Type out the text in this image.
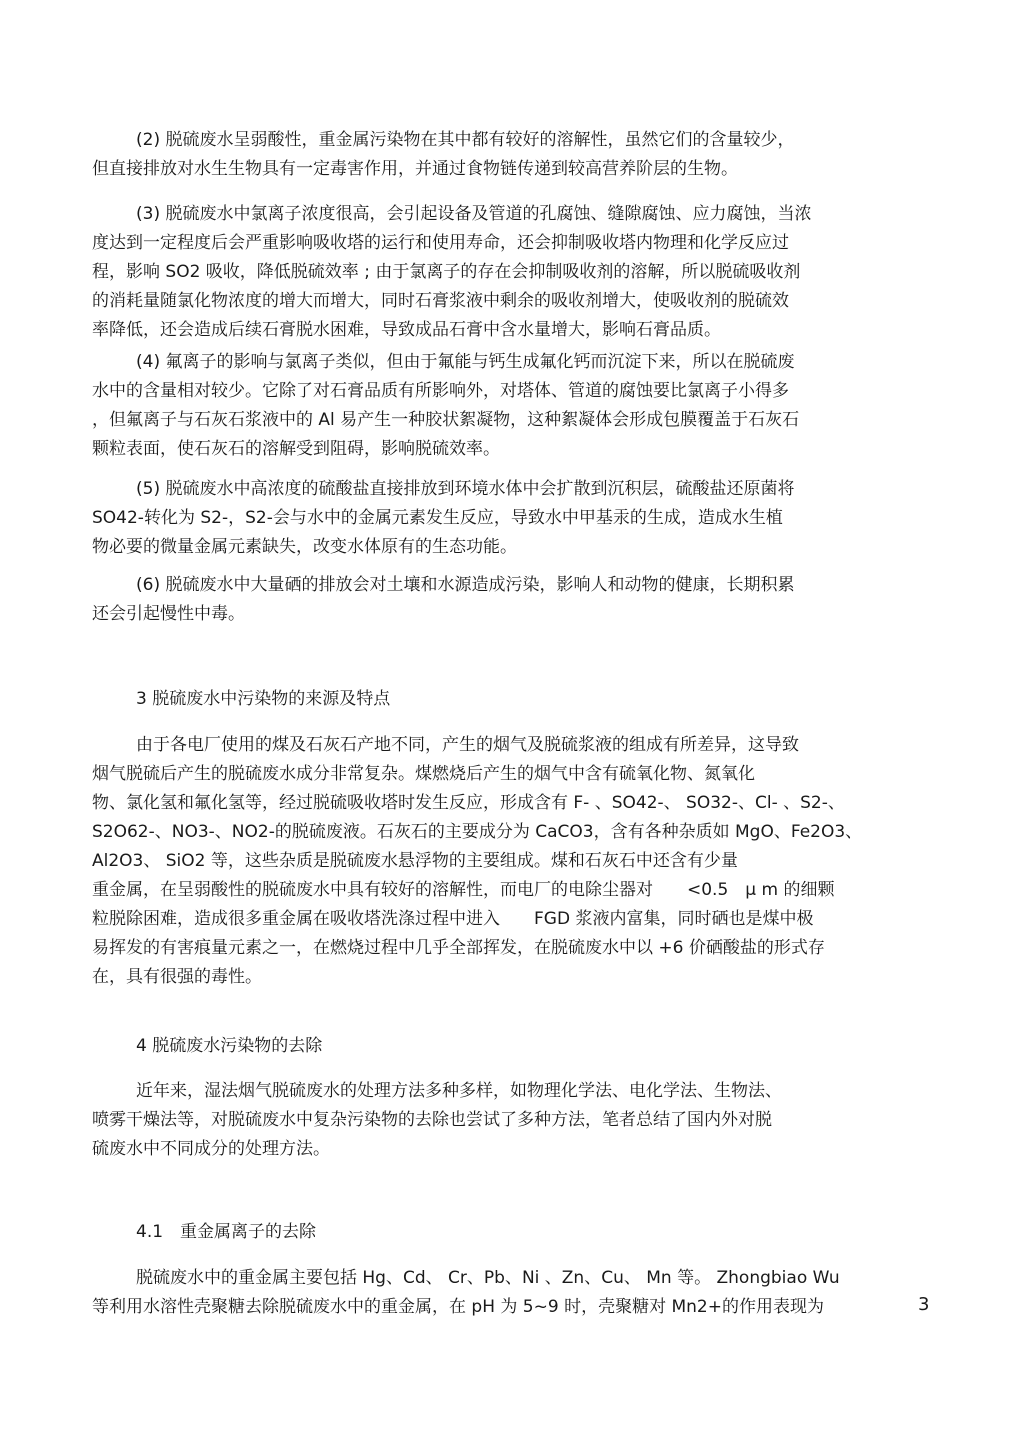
(2) 脱硫废水呈弱酸性，重金属污染物在其中都有较好的溶解性，虽然它们的含量较少，
但直接排放对水生生物具有一定毒害作用，并通过食物链传递到较高营养阶层的生物。
(3) 脱硫废水中氯离子浓度很高，会引起设备及管道的孔腐蚀、缝隙腐蚀、应力腐蚀，当浓
度达到一定程度后会严重影响吸收塔的运行和使用寿命，还会抑制吸收塔内物理和化学反应过
程，影响 SO2 吸收，降低脱硫效率 ; 由于氯离子的存在会抑制吸收剂的溶解，所以脱硫吸收剂
的消耗量随氯化物浓度的增大而增大，同时石膏浆液中剩余的吸收剂增大，使吸收剂的脱硫效
率降低，还会造成后续石膏脱水困难，导致成品石膏中含水量增大，影响石膏品质。
(4) 氟离子的影响与氯离子类似，但由于氟能与钙生成氟化钙而沉淀下来，所以在脱硫废
水中的含量相对较少。它除了对石膏品质有所影响外，对塔体、管道的腐蚀要比氯离子小得多
，但氟离子与石灰石浆液中的 Al 易产生一种胶状絮凝物，这种絮凝体会形成包膜覆盖于石灰石
颗粒表面，使石灰石的溶解受到阻碍，影响脱硫效率。
(5) 脱硫废水中高浓度的硫酸盐直接排放到环境水体中会扩散到沉积层，硫酸盐还原菌将
SO42-转化为 S2-，S2-会与水中的金属元素发生反应，导致水中甲基汞的生成，造成水生植
物必要的微量金属元素缺失，改变水体原有的生态功能。
(6) 脱硫废水中大量硒的排放会对土壤和水源造成污染，影响人和动物的健康，长期积累
还会引起慢性中毒。
3 脱硫废水中污染物的来源及特点
由于各电厂使用的煤及石灰石产地不同，产生的烟气及脱硫浆液的组成有所差异，这导致
烟气脱硫后产生的脱硫废水成分非常复杂。煤燃烧后产生的烟气中含有硫氧化物、氮氧化
物、氯化氢和氟化氢等，经过脱硫吸收塔时发生反应，形成含有 F- 、SO42-、 SO32-、Cl- 、S2-、
S2O62-、NO3-、NO2-的脱硫废液。石灰石的主要成分为 CaCO3，含有各种杂质如 MgO、Fe2O3、
Al2O3、 SiO2 等，这些杂质是脱硫废水悬浮物的主要组成。煤和石灰石中还含有少量
重金属，在呈弱酸性的脱硫废水中具有较好的溶解性，而电厂的电除尘器对　　<0.5　μ m 的细颗
粒脱除困难，造成很多重金属在吸收塔洗涤过程中进入　　FGD 浆液内富集，同时硒也是煤中极
易挥发的有害痕量元素之一，在燃烧过程中几乎全部挥发，在脱硫废水中以 +6 价硒酸盐的形式存
在，具有很强的毒性。
4 脱硫废水污染物的去除
近年来，湿法烟气脱硫废水的处理方法多种多样，如物理化学法、电化学法、生物法、
喷雾干燥法等，对脱硫废水中复杂污染物的去除也尝试了多种方法，笔者总结了国内外对脱
硫废水中不同成分的处理方法。
4.1　重金属离子的去除
脱硫废水中的重金属主要包括 Hg、Cd、 Cr、Pb、Ni 、Zn、Cu、 Mn 等。 Zhongbiao Wu
等利用水溶性壳聚糖去除脱硫废水中的重金属，在 pH 为 5~9 时，壳聚糖对 Mn2+的作用表现为	3
